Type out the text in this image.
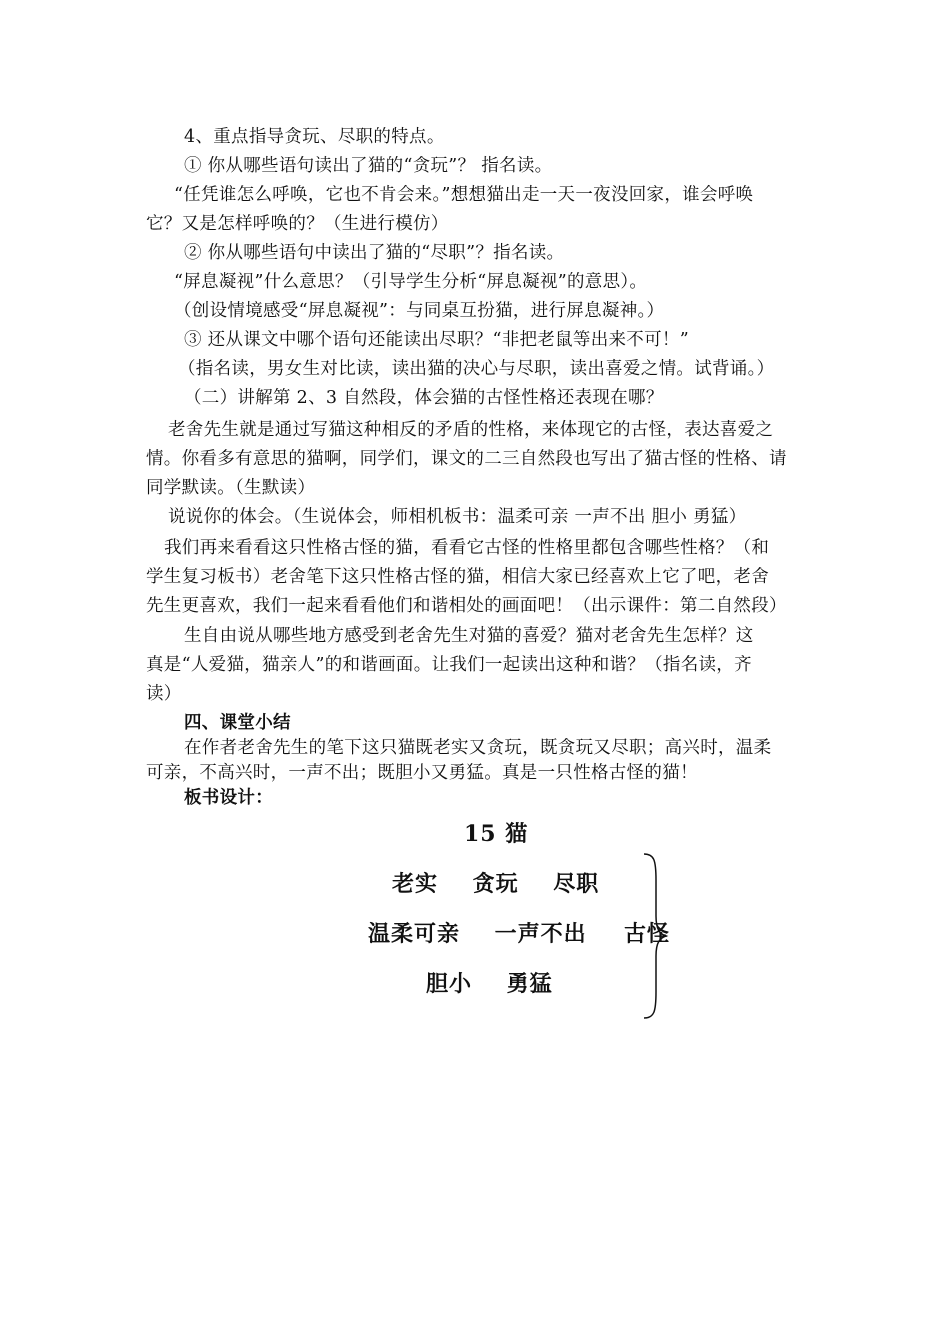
4、重点指导贪玩、尽职的特点。
① 你从哪些语句读出了猫的“贪玩”？ 指名读。
“任凭谁怎么呼唤，它也不肯会来。”想想猫出走一天一夜没回家，谁会呼唤
它？又是怎样呼唤的？（生进行模仿）
② 你从哪些语句中读出了猫的“尽职”？指名读。
“屏息凝视”什么意思？（引导学生分析“屏息凝视”的意思）。
（创设情境感受“屏息凝视”：与同桌互扮猫，进行屏息凝神。）
③ 还从课文中哪个语句还能读出尽职？“非把老鼠等出来不可！”
（指名读，男女生对比读，读出猫的决心与尽职，读出喜爱之情。试背诵。）
（二）讲解第 2、3 自然段，体会猫的古怪性格还表现在哪？
老舍先生就是通过写猫这种相反的矛盾的性格，来体现它的古怪，表达喜爱之
情。你看多有意思的猫啊，同学们，课文的二三自然段也写出了猫古怪的性格、请
同学默读。（生默读）
说说你的体会。（生说体会，师相机板书：温柔可亲 一声不出 胆小 勇猛）
我们再来看看这只性格古怪的猫，看看它古怪的性格里都包含哪些性格？（和
学生复习板书）老舍笔下这只性格古怪的猫，相信大家已经喜欢上它了吧，老舍
先生更喜欢，我们一起来看看他们和谐相处的画面吧！（出示课件：第二自然段）
生自由说从哪些地方感受到老舍先生对猫的喜爱？猫对老舍先生怎样？这
真是“人爱猫，猫亲人”的和谐画面。让我们一起读出这种和谐？（指名读，齐
读）
四、课堂小结
在作者老舍先生的笔下这只猫既老实又贪玩，既贪玩又尽职；高兴时，温柔
可亲，不高兴时，一声不出；既胆小又勇猛。真是一只性格古怪的猫！
板书设计：
15 猫
老实    贪玩    尽职
温柔可亲    一声不出 古怪
胆小    勇猛
